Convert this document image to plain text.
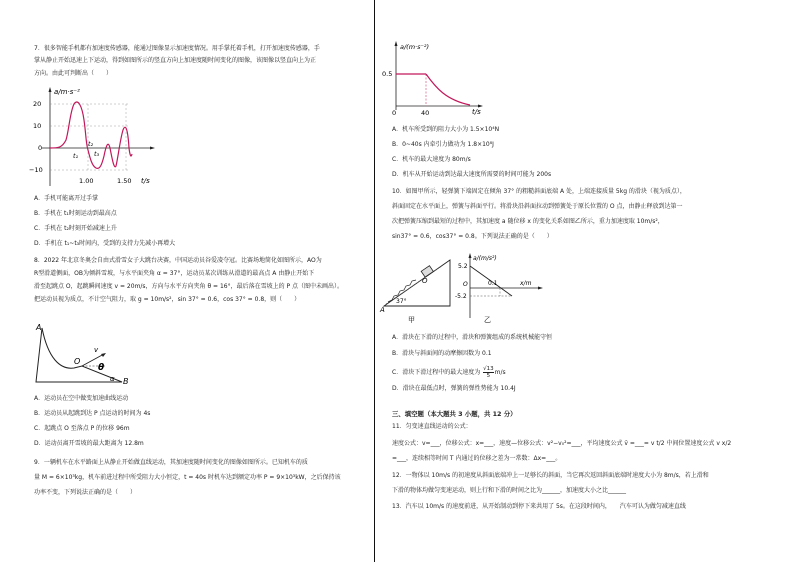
7．很多智能手机都有加速度传感器，能通过图像显示加速度情况。用手掌托着手机，打开加速度传感器，手
掌从静止开始迅速上下运动，得到如图所示的竖直方向上加速度随时间变化的图像，该图像以竖直向上为正
方向。由此可判断出（　　）
a/m·s⁻²
20
10
0
−10
1.00	1.50 t/s
t₁
t₂
t₃
A．手机可能离开过手掌
B．手机在 t₁时刻运动到最高点
C．手机在 t₂时刻开始减速上升
D．手机在 t₁~t₃时间内，受到的支持力先减小再增大
8．2022 年北京冬奥会自由式滑雪女子大跳台决赛，中国运动员谷爱凌夺冠。比赛场地简化如图所示，AO为
R型滑道侧面，OB为倾斜雪坡，与水平面夹角 α = 37°，运动员某次训练从滑道的最高点 A 由静止开始下
滑至起跳点 O，起跳瞬间速度 v = 20m/s，方向与水平方向夹角 θ = 16°，最后落在雪坡上的 P 点（图中未画出）。
把运动员视为质点，不计空气阻力，取 g = 10m/s²，sin 37° = 0.6，cos 37° = 0.8，则（　　）
A
O
v
θ
α B
A．运动员在空中做变加速曲线运动
B．运动员从起跳到达 P 点运动的时间为 4s
C．起跳点 O 至落点 P 的位移 96m
D．运动员离开雪坡的最大距离为 12.8m
9．一辆机车在水平路面上从静止开始做直线运动，其加速度随时间变化的图像如图所示。已知机车的质
量 M = 6×10³kg，机车前进过程中所受阻力大小恒定，t = 40s 时机车达到额定功率 P = 9×10³kW，之后保持该
功率不变，下列说法正确的是（　　）
a/(m·s⁻²)
0.5
0	40	t/s
A．机车所受到的阻力大小为 1.5×10⁴N
B．0~40s 内牵引力做功为 1.8×10⁸J
C．机车的最大速度为 80m/s
D．机车从开始运动到达最大速度所需要的时间可能为 200s
10．如图甲所示，轻弹簧下端固定在倾角 37° 的粗糙斜面底端 A 处，上端连接质量 5kg 的滑块（视为质点），
斜面固定在水平面上，弹簧与斜面平行。将滑块沿斜面拉动到弹簧处于原长位置的 O 点，由静止释放到达第一
次把弹簧压缩到最短的过程中，其加速度 a 随位移 x 的变化关系如图乙所示，重力加速度取 10m/s²，
sin37° = 0.6，cos37° = 0.8。下列说法正确的是（　　）
37°
A
O
甲
a/(m/s²)
5.2
-5.2
0.1
O	x/m
乙
A．滑块在下滑的过程中，滑块和弹簧组成的系统机械能守恒
B．滑块与斜面间的动摩擦因数为 0.1
C．滑块下滑过程中的最大速度为 $\frac{√13}{5} m/s$
D．滑块在最低点时，弹簧的弹性势能为 10.4J
三、填空题（本大题共 3 小题，共 12 分）
11．匀变速直线运动的公式：
速度公式：v=___，位移公式：x=___，速度—位移公式：v²−v₀²=___，平均速度公式 v̄ =___= v t/2 中间位置速度公式 v x/2
=___，连续相等时间 T 内通过的位移之差为一常数：Δx=___。
12．一物体以 10m/s 的初速度从斜面底端冲上一足够长的斜面，当它再次返回斜面底端时速度大小为 8m/s，若上滑和
下滑的物体均做匀变速运动，则上行和下滑的时间之比为______，加速度大小之比______
13．汽车以 10m/s 的速度前进，从开始制动到停下来共用了 5s。在这段时间内，　　汽车可认为做匀减速直线
